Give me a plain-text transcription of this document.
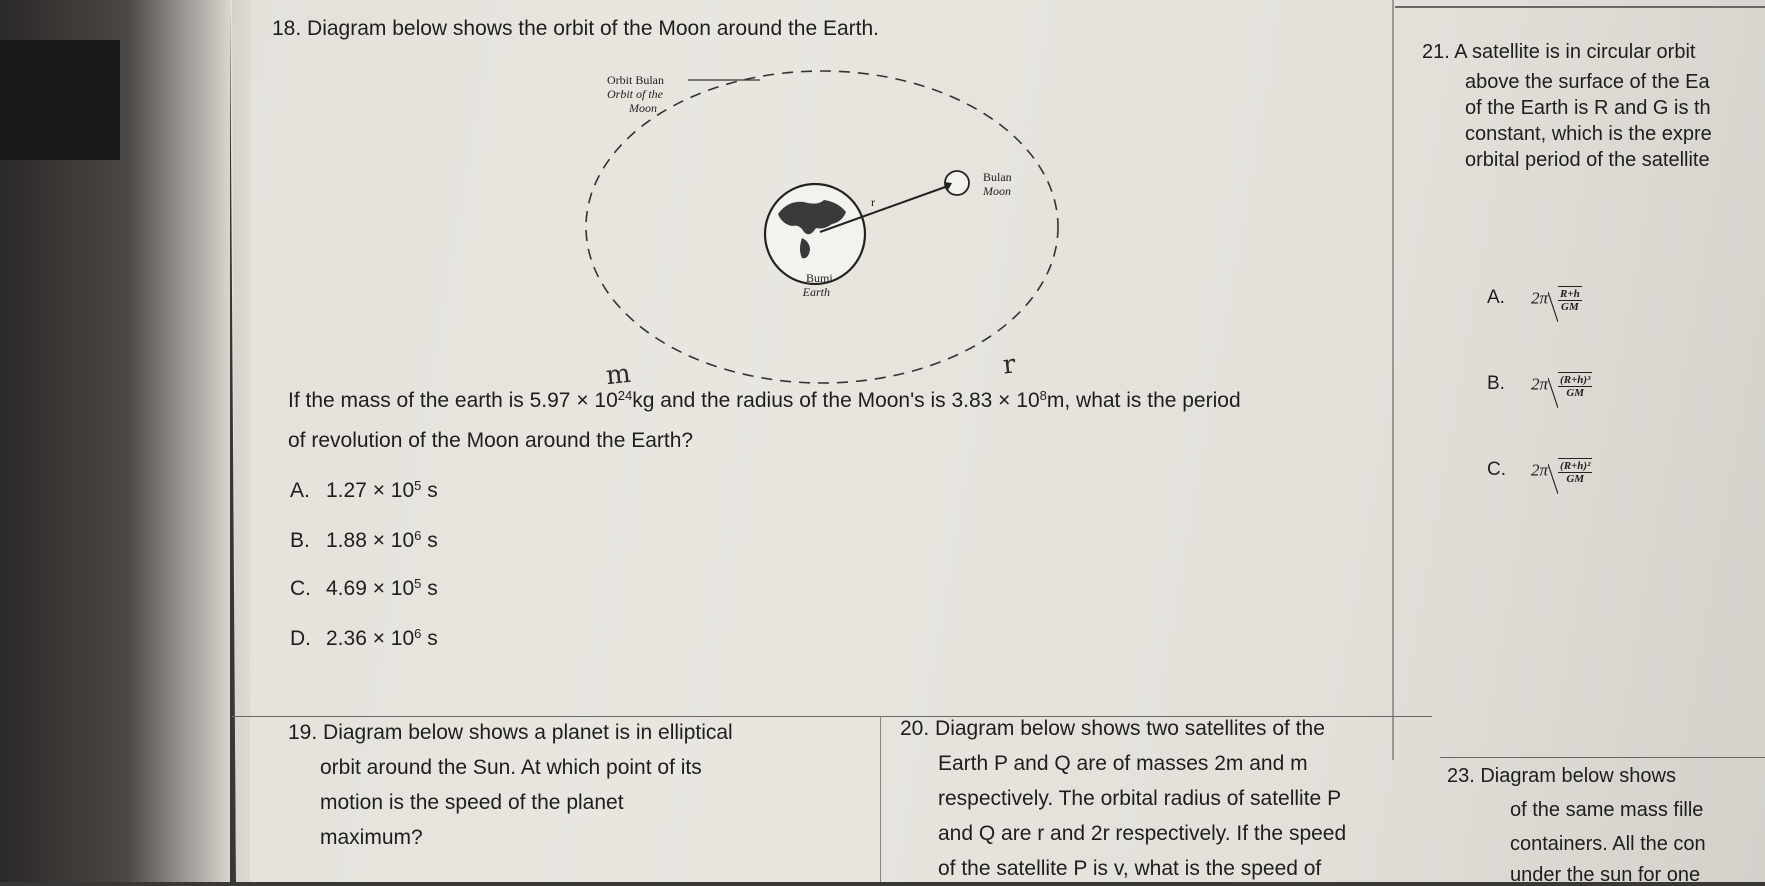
18. Diagram below shows the orbit of the Moon around the Earth.
Orbit Bulan
Orbit of the
Moon
Bulan
Moon
r
Bumi
Earth
m	r
If the mass of the earth is $5.97 \times 10^{24}kg$ and the radius of the Moon's is $3.83 \times 10^8m$, what is the period
of revolution of the Moon around the Earth?
A. $1.27 \times 10^5$ s
B. $1.88 \times 10^6$ s
C. $4.69 \times 10^5$ s
D. $2.36 \times 10^6$ s
19. Diagram below shows a planet is in elliptical
orbit around the Sun. At which point of its
motion is the speed of the planet
maximum?
20. Diagram below shows two satellites of the
Earth P and Q are of masses 2m and m
respectively. The orbital radius of satellite P
and Q are r and 2r respectively. If the speed
of the satellite P is v, what is the speed of
21. A satellite is in circular orbit
above the surface of the Ea
of the Earth is R and G is th
constant, which is the expre
orbital period of the satellite
A. $2\pi \frac{R+h}{GM}$
B. $2\pi \frac{\text{(R+h)³}}{GM}$
C. $2\pi \frac{\text{(R+h)²}}{GM}$
23. Diagram below shows
of the same mass fille
containers. All the con
under the sun for one
